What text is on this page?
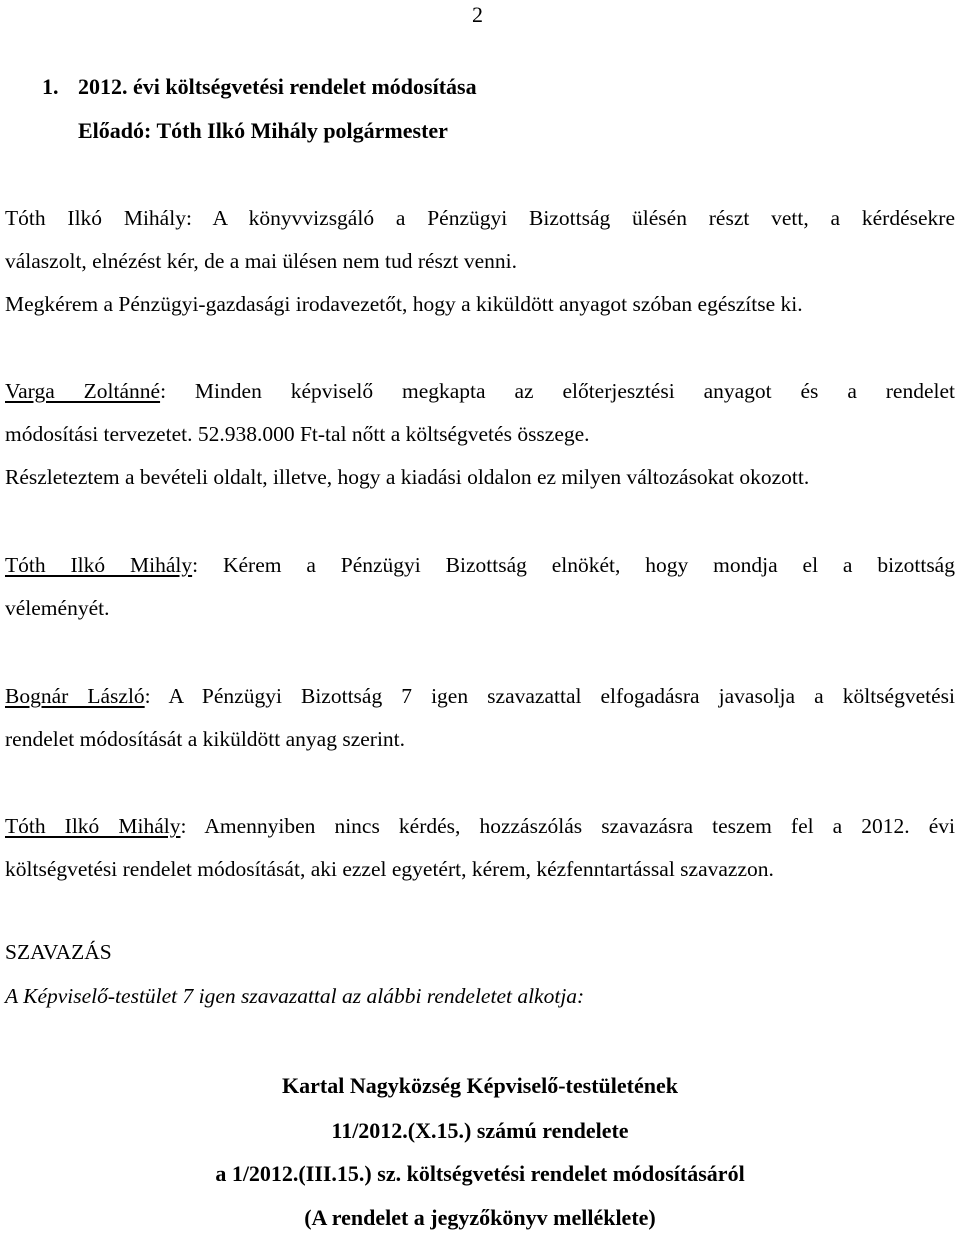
2
1. 2012. évi költségvetési rendelet módosítása
Előadó: Tóth Ilkó Mihály polgármester
Tóth Ilkó Mihály: A könyvvizsgáló a Pénzügyi Bizottság ülésén részt vett, a kérdésekre
válaszolt, elnézést kér, de a mai ülésen nem tud részt venni.
Megkérem a Pénzügyi-gazdasági irodavezetőt, hogy a kiküldött anyagot szóban egészítse ki.
Varga Zoltánné: Minden képviselő megkapta az előterjesztési anyagot és a rendelet
módosítási tervezetet. 52.938.000 Ft-tal nőtt a költségvetés összege.
Részleteztem a bevételi oldalt, illetve, hogy a kiadási oldalon ez milyen változásokat okozott.
Tóth Ilkó Mihály: Kérem a Pénzügyi Bizottság elnökét, hogy mondja el a bizottság
véleményét.
Bognár László: A Pénzügyi Bizottság 7 igen szavazattal elfogadásra javasolja a költségvetési
rendelet módosítását a kiküldött anyag szerint.
Tóth Ilkó Mihály: Amennyiben nincs kérdés, hozzászólás szavazásra teszem fel a 2012. évi
költségvetési rendelet módosítását, aki ezzel egyetért, kérem, kézfenntartással szavazzon.
SZAVAZÁS
A Képviselő-testület 7 igen szavazattal az alábbi rendeletet alkotja:
Kartal Nagyközség Képviselő-testületének
11/2012.(X.15.) számú rendelete
a 1/2012.(III.15.) sz. költségvetési rendelet módosításáról
(A rendelet a jegyzőkönyv melléklete)
